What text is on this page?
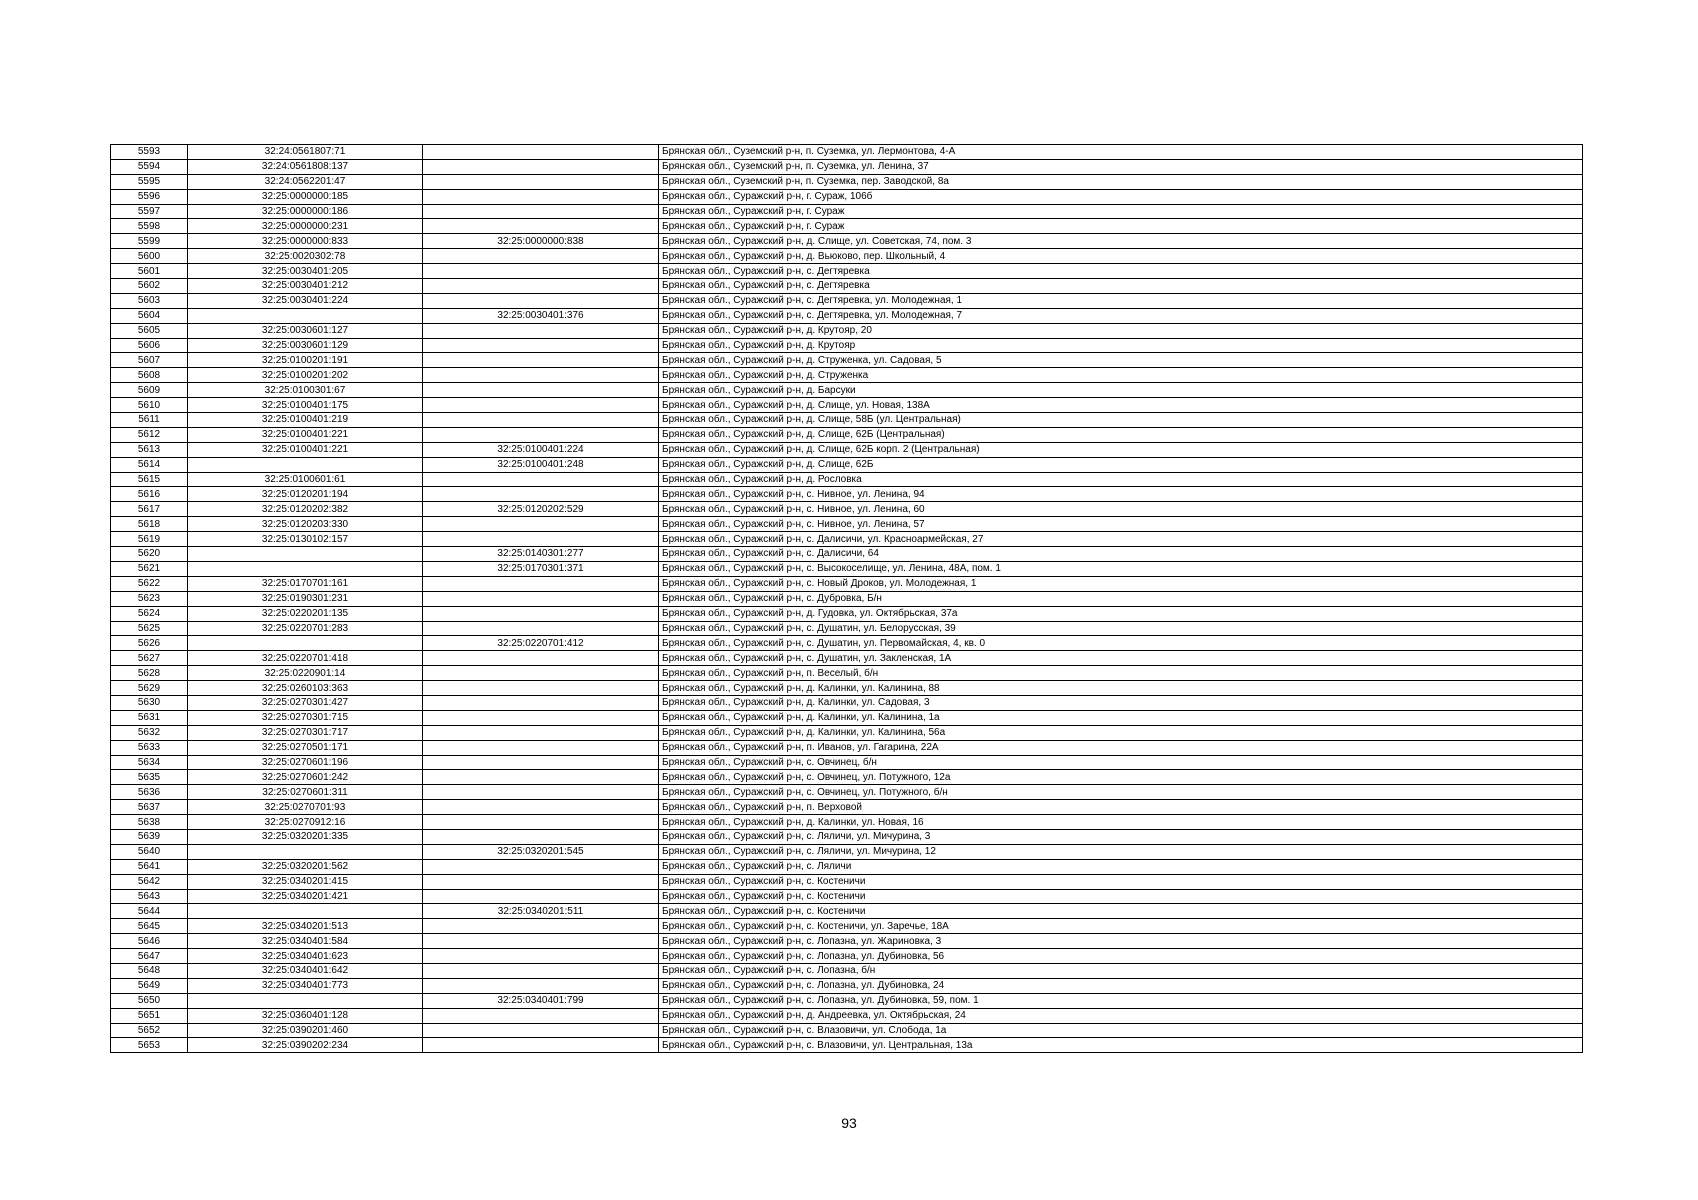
5593	32:24:0561807:71		Брянская обл., Суземский р-н, п. Суземка, ул. Лермонтова, 4-А
5594	32:24:0561808:137		Брянская обл., Суземский р-н, п. Суземка, ул. Ленина, 37
5595	32:24:0562201:47		Брянская обл., Суземский р-н, п. Суземка, пер. Заводской, 8а
5596	32:25:0000000:185		Брянская обл., Суражский р-н, г. Сураж, 106б
5597	32:25:0000000:186		Брянская обл., Суражский р-н, г. Сураж
5598	32:25:0000000:231		Брянская обл., Суражский р-н, г. Сураж
5599	32:25:0000000:833	32:25:0000000:838	Брянская обл., Суражский р-н, д. Слище, ул. Советская, 74, пом. 3
5600	32:25:0020302:78		Брянская обл., Суражский р-н, д. Вьюково, пер. Школьный, 4
5601	32:25:0030401:205		Брянская обл., Суражский р-н, с. Дегтяревка
5602	32:25:0030401:212		Брянская обл., Суражский р-н, с. Дегтяревка
5603	32:25:0030401:224		Брянская обл., Суражский р-н, с. Дегтяревка, ул. Молодежная, 1
5604		32:25:0030401:376	Брянская обл., Суражский р-н, с. Дегтяревка, ул. Молодежная, 7
5605	32:25:0030601:127		Брянская обл., Суражский р-н, д. Крутояр, 20
5606	32:25:0030601:129		Брянская обл., Суражский р-н, д. Крутояр
5607	32:25:0100201:191		Брянская обл., Суражский р-н, д. Струженка, ул. Садовая, 5
5608	32:25:0100201:202		Брянская обл., Суражский р-н, д. Струженка
5609	32:25:0100301:67		Брянская обл., Суражский р-н, д. Барсуки
5610	32:25:0100401:175		Брянская обл., Суражский р-н, д. Слище, ул. Новая, 138А
5611	32:25:0100401:219		Брянская обл., Суражский р-н, д. Слище, 58Б (ул. Центральная)
5612	32:25:0100401:221		Брянская обл., Суражский р-н, д. Слище, 62Б (Центральная)
5613	32:25:0100401:221	32:25:0100401:224	Брянская обл., Суражский р-н, д. Слище, 62Б корп. 2 (Центральная)
5614		32:25:0100401:248	Брянская обл., Суражский р-н, д. Слище, 62Б
5615	32:25:0100601:61		Брянская обл., Суражский р-н, д. Рословка
5616	32:25:0120201:194		Брянская обл., Суражский р-н, с. Нивное, ул. Ленина, 94
5617	32:25:0120202:382	32:25:0120202:529	Брянская обл., Суражский р-н, с. Нивное, ул. Ленина, 60
5618	32:25:0120203:330		Брянская обл., Суражский р-н, с. Нивное, ул. Ленина, 57
5619	32:25:0130102:157		Брянская обл., Суражский р-н, с. Далисичи, ул. Красноармейская, 27
5620		32:25:0140301:277	Брянская обл., Суражский р-н, с. Далисичи, 64
5621		32:25:0170301:371	Брянская обл., Суражский р-н, с. Высокоселище, ул. Ленина, 48А, пом. 1
5622	32:25:0170701:161		Брянская обл., Суражский р-н, с. Новый Дроков, ул. Молодежная, 1
5623	32:25:0190301:231		Брянская обл., Суражский р-н, с. Дубровка, Б/н
5624	32:25:0220201:135		Брянская обл., Суражский р-н, д. Гудовка, ул. Октябрьская, 37а
5625	32:25:0220701:283		Брянская обл., Суражский р-н, с. Душатин, ул. Белорусская, 39
5626		32:25:0220701:412	Брянская обл., Суражский р-н, с. Душатин, ул. Первомайская, 4, кв. 0
5627	32:25:0220701:418		Брянская обл., Суражский р-н, с. Душатин, ул. Закленская, 1А
5628	32:25:0220901:14		Брянская обл., Суражский р-н, п. Веселый, б/н
5629	32:25:0260103:363		Брянская обл., Суражский р-н, д. Калинки, ул. Калинина, 88
5630	32:25:0270301:427		Брянская обл., Суражский р-н, д. Калинки, ул. Садовая, 3
5631	32:25:0270301:715		Брянская обл., Суражский р-н, д. Калинки, ул. Калинина, 1а
5632	32:25:0270301:717		Брянская обл., Суражский р-н, д. Калинки, ул. Калинина, 56а
5633	32:25:0270501:171		Брянская обл., Суражский р-н, п. Иванов, ул. Гагарина, 22А
5634	32:25:0270601:196		Брянская обл., Суражский р-н, с. Овчинец, б/н
5635	32:25:0270601:242		Брянская обл., Суражский р-н, с. Овчинец, ул. Потужного, 12а
5636	32:25:0270601:311		Брянская обл., Суражский р-н, с. Овчинец, ул. Потужного, б/н
5637	32:25:0270701:93		Брянская обл., Суражский р-н, п. Верховой
5638	32:25:0270912:16		Брянская обл., Суражский р-н, д. Калинки, ул. Новая, 16
5639	32:25:0320201:335		Брянская обл., Суражский р-н, с. Ляличи, ул. Мичурина, 3
5640		32:25:0320201:545	Брянская обл., Суражский р-н, с. Ляличи, ул. Мичурина, 12
5641	32:25:0320201:562		Брянская обл., Суражский р-н, с. Ляличи
5642	32:25:0340201:415		Брянская обл., Суражский р-н, с. Костеничи
5643	32:25:0340201:421		Брянская обл., Суражский р-н, с. Костеничи
5644		32:25:0340201:511	Брянская обл., Суражский р-н, с. Костеничи
5645	32:25:0340201:513		Брянская обл., Суражский р-н, с. Костеничи, ул. Заречье, 18А
5646	32:25:0340401:584		Брянская обл., Суражский р-н, с. Лопазна, ул. Жариновка, 3
5647	32:25:0340401:623		Брянская обл., Суражский р-н, с. Лопазна, ул. Дубиновка, 56
5648	32:25:0340401:642		Брянская обл., Суражский р-н, с. Лопазна, б/н
5649	32:25:0340401:773		Брянская обл., Суражский р-н, с. Лопазна, ул. Дубиновка, 24
5650		32:25:0340401:799	Брянская обл., Суражский р-н, с. Лопазна, ул. Дубиновка, 59, пом. 1
5651	32:25:0360401:128		Брянская обл., Суражский р-н, д. Андреевка, ул. Октябрьская, 24
5652	32:25:0390201:460		Брянская обл., Суражский р-н, с. Влазовичи, ул. Слобода, 1а
5653	32:25:0390202:234		Брянская обл., Суражский р-н, с. Влазовичи, ул. Центральная, 13а
93
